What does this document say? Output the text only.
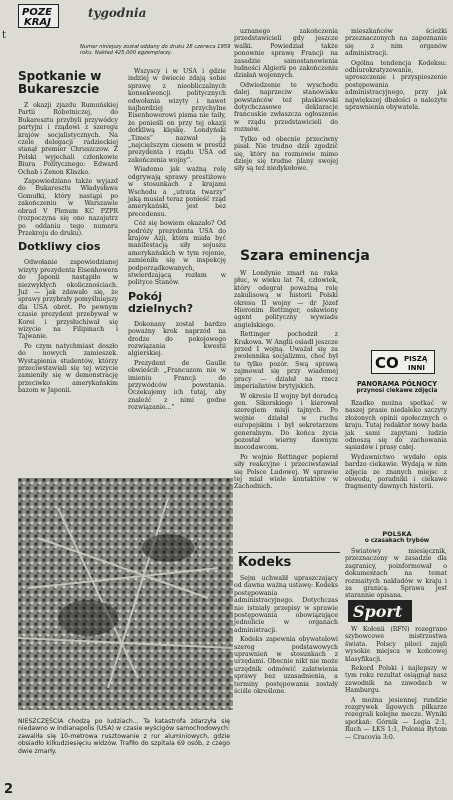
POZE
KRAJ
tygodnia
t
Numer niniejszy został oddany do druku 28 czerwca 1959 roku. Nakład 425.000 egzemplarzy.
Spotkanie w Bukareszcie

Z okazji zjazdu Rumuńskiej Partii Robotniczej, do Bukaresztu przybyli przywódcy partyjni i rządowi z szeregu krajów socjalistycznych. Na czele delegacji radzieckiej stanął premier Chruszczow. Z Polski wyjechali członkowie Biura Politycznego: Edward Ochab i Zenon Kliszko.

Zapowiedziano także wyjazd do Bukaresztu Władysława Gomułki, który nastąpi po zakończeniu w Warszawie obrad V Plenum KC PZPR (rozpoczyna się ono nazajutrz po oddaniu tego numeru Przekroju do druku).

Dotkliwy cios

Odwołanie zapowiedzianej wizyty prezydenta Eisenhowera do Japonii nastąpiło w niezwykłych okolicznościach. Już — jak zdawało się, że sprawy przybrały pomyślniejszy dla USA obrót. Po pewnym czasie prezydent przebywał w Korei i przysłuchiwał się wizycie na Filipinach i Tajwanie.

Po czym natychmiast doszło do nowych zamieszek. Wystąpienia studentów, którzy przeciwstawiali się tej wizycie zamieniły się w demonstrację przeciwko amerykańskim bazom w Japonii.

Wszyscy i w USA i gdzie indziej w świecie zdają sobie sprawę z nieobliczalnych konsekwencji politycznych odwołania wizyty i nawet najbardziej przychylne Eisenhowerowi pisma nie taiły, że ponieśli on przy tej okazji dotkliwą klęskę. Londyński „Times” nazwał ją „najcięższym ciosem w prestiż prezydenta i rządu USA od zakończenia wojny”.

Wiadomo jak ważną rolę odgrywają sprawy prestiżowe w stosunkach z krajami Wschodu a „utrata twarzy” jaką musiał teraz ponieść rząd amerykański, jest bez precedensu.

Cóż się bowiem okazało? Od podróży prezydenta USA do krajów Azji, która miała być manifestacją siły sojuszu amerykańskich w tym rejonie, zamieniła się w inspekcję podporządkowanych, stwierdzającą rozłam w polityce Stanów.

Pokój dzielnych?

Dokonany został bardzo poważny krok naprzód na drodze do pokojowego rozwiązania kwestii algierskiej.

Prezydent de Gaulle obwieścił: „Francuzom nie w imieniu Francji do przywódców powstania. Oczekujemy ich tutaj, aby znaleźć z nimi godne rozwiązanie...”

uznanego zakończenia przedstawicieli gdy jeszcze walki. Powiedział także ponownie sprawę Francji na zasadzie samostanowienia ludności Algierii po zakończeniu działań wojennych.

Odwiedzenie te wyschodu dalej naprzeciw stanowisku powstańców też płaskiewski dotychczasowe deklaracje francuskie zwłaszcza ogłoszenie w rządu przedstawicieli do rozmów.

Tylko od obecnie przeciwny pisał. Nie trudno dziś zgodzić się, który na rozmowie mimo dzieje się trudne plany swojej siły są też niedykołowe.

Szara eminencja

W Londynie zmarł na raka płuc, w wieku lat 74, człowiek, który odegrał poważną rolę zakulisową w historii Polski okresu II wojny — dr Józef Hieronim Rettinger, osławiony agent polityczny wywiadu angielskiego.

Rettinger pochodził z Krakowa. W Anglii osiadł jeszcze przed I wojną. Uważał się za zwolennika socjalizmu, choć był to tylko pozór. Swą sprawą zajmował się przy wiadomej pracy — działał na rzecz imperialistów brytyjskich.

W okresie II wojny był doradcą gen. Sikorskiego i kierował szeregiem misji tajnych. Po wojnie działał w ruchu europejskim i był sekretarzem generalnym. Do końca życia pozostał wierny dawnym mocodawcom.

Po wojnie Rettinger popierał siły reakcyjne i przeciwstawiał się Polsce Ludowej. W sprawie tej miał wiele kontaktów w Zachodnich.

Kodeks

Sejm uchwalił upraszczający od dawna ważną ustawę: Kodeks postępowania administracyjnego. Dotychczas nie istniały przepisy w sprawie postępowania obowiązujące jednolicie w organach administracji.

Kodeks zapewnia obywatelowi szereg podstawowych uprawnień w stosunkach z urzędami. Obecnie nikt nie może urzędnik odmówić załatwienia sprawy bez uzasadnienia, a terminy postępowania zostały ściśle określone.

mieszkańców ścieżki przeznaczonych na zapoznanie się z nim organów administracji.

Ogólna tendencja Kodeksu: odbiurokratyzowanie, uproszczenie i przyspieszenie postępowania administracyjnego, przy jak największej dbałości o należyte uprawnienia obywatela.

CO PISZĄ
INNI
PANORAMA PÓŁNOCY
przynosi ciekawe zdjęcia

Rzadko można spotkać w naszej prasie niedaleko szczyty złożonych opinii społecznych o kraju. Tutaj redaktor nowy bada jak sami zapytani ludzie odnoszą się do zachowania sąsiadów i prasy całej.

Wydawnictwo wydało opis bardzo ciekawie. Wydają w nim zdjęcia ze znanych miejsc z obwodu, poradniki i ciekawe fragmenty dawnych historii.

POLSKA
o czasakach trybów

Światowy miesięcznik, przeznaczony w zasadzie dla zagranicy, poinformował o dokumentach na temat rozmaitych nakładów w kraju i za granicą. Sprawa jest starannie opisana.

Sport

W Kołonii (RFN) rozegrano szybowcowe mistrzostwa świata. Polscy piloci zajęli wysokie miejsca w końcowej klasyfikacji.

Rekord Polski i najlepszy w tym roku rezultat osiągnął nasz zawodnik na zawodach w Hamburgu.

A można jesiennej rundzie rozgrywek ligowych piłkarze rozegrali kolejne mecze. Wyniki spotkań: Górnik — Legia 2:1, Ruch — ŁKS 1:1, Polonia Bytom — Cracovia 3:0.

NIESZCZĘŚCIA chodzą po ludziach... Ta katastrofa zdarzyła się niedawno w Indianapolis (USA) w czasie wyścigów samochodowych: zawaliła się 10-metrowa rusztowanie z rur aluminiowych, gdzie obsiadło kilkudziesięciu widzów. Trafiło do szpitala 69 osób, z czego dwie zmarły.
2
